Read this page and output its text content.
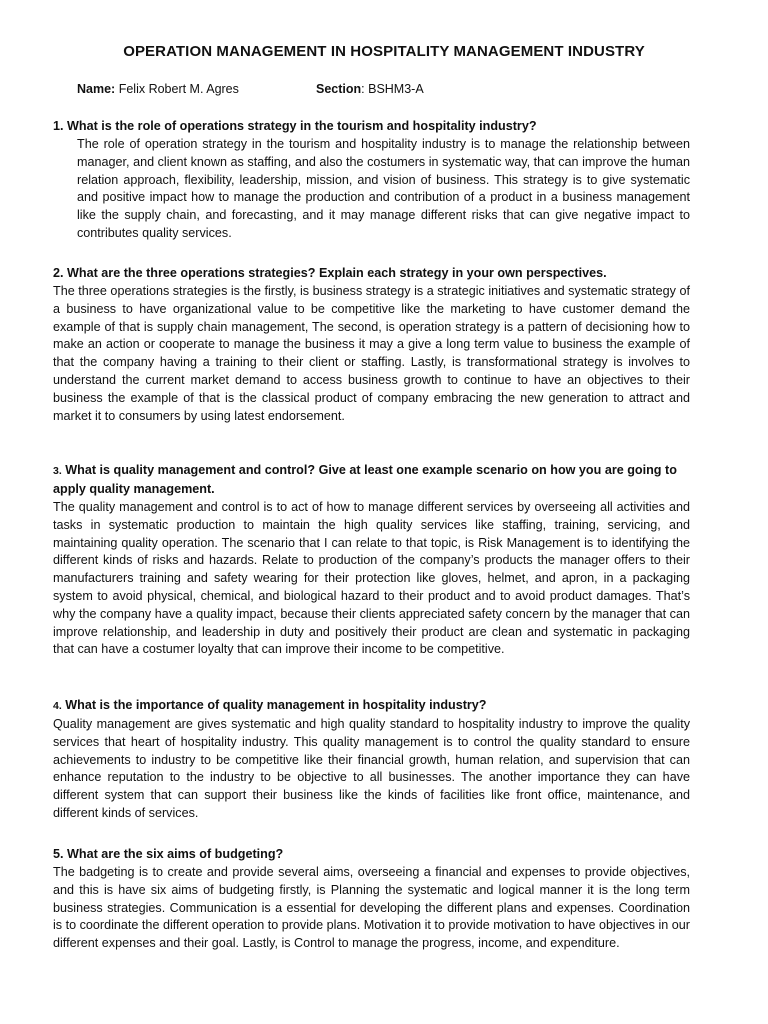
OPERATION MANAGEMENT IN HOSPITALITY MANAGEMENT INDUSTRY
Name: Felix Robert M. Agres	Section: BSHM3-A
1. What is the role of operations strategy in the tourism and hospitality industry?
The role of operation strategy in the tourism and hospitality industry is to manage the relationship between manager, and client known as staffing, and also the costumers in systematic way, that can improve the human relation approach, flexibility, leadership, mission, and vision of business. This strategy is to give systematic and positive impact how to manage the production and contribution of a product in a business management like the supply chain, and forecasting, and it may manage different risks that can give negative impact to contributes quality services.
2. What are the three operations strategies? Explain each strategy in your own perspectives.
The three operations strategies is the firstly, is business strategy is a strategic initiatives and systematic strategy of a business to have organizational value to be competitive like the marketing to have customer demand the example of that is supply chain management, The second, is operation strategy is a pattern of decisioning how to make an action or cooperate to manage the business it may a give a long term value to business the example of that the company having a training to their client or staffing. Lastly, is transformational strategy is involves to understand the current market demand to access business growth to continue to have an objectives to their business the example of that is the classical product of company embracing the new generation to attract and market it to consumers by using latest endorsement.
3. What is quality management and control? Give at least one example scenario on how you are going to apply quality management.
The quality management and control is to act of how to manage different services by overseeing all activities and tasks in systematic production to maintain the high quality services like staffing, training, servicing, and maintaining quality operation. The scenario that I can relate to that topic, is Risk Management is to identifying the different kinds of risks and hazards. Relate to production of the company’s products the manager offers to their manufacturers training and safety wearing for their protection like gloves, helmet, and apron, in a packaging system to avoid physical, chemical, and biological hazard to their product and to avoid product damages. That’s why the company have a quality impact, because their clients appreciated safety concern by the manager that can improve relationship, and leadership in duty and positively their product are clean and systematic in packaging that can have a costumer loyalty that can improve their income to be competitive.
4. What is the importance of quality management in hospitality industry?
Quality management are gives systematic and high quality standard to hospitality industry to improve the quality services that heart of hospitality industry. This quality management is to control the quality standard to ensure achievements to industry to be competitive like their financial growth, human relation, and supervision that can enhance reputation to the industry to be objective to all businesses. The another importance they can have different system that can support their business like the kinds of facilities like front office, maintenance, and different kinds of services.
5. What are the six aims of budgeting?
The badgeting is to create and provide several aims, overseeing a financial and expenses to provide objectives, and this is have six aims of budgeting firstly, is Planning the systematic and logical manner it is the long term business strategies. Communication is a essential for developing the different plans and expenses. Coordination is to coordinate the different operation to provide plans. Motivation it to provide motivation to have objectives in our different expenses and their goal. Lastly, is Control to manage the progress, income, and expenditure.
